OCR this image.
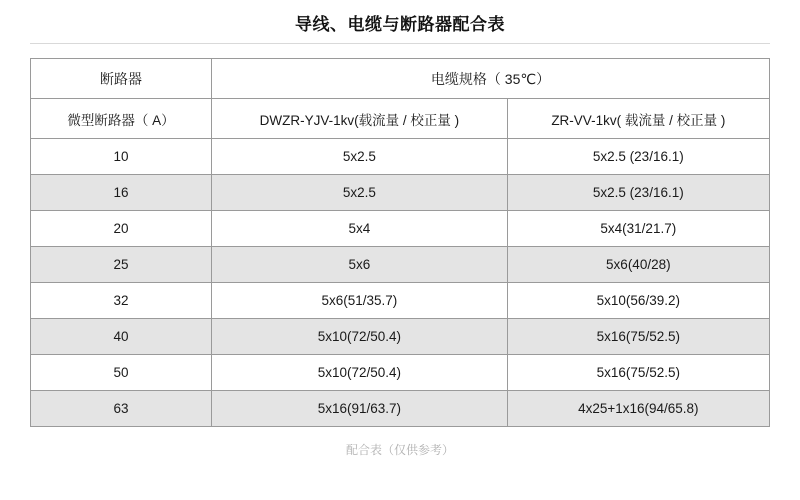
导线、电缆与断路器配合表
断路器	电缆规格（ 35℃）	
微型断路器（ A）	DWZR-YJV-1kv(载流量 / 校正量 )	ZR-VV-1kv( 载流量 / 校正量 )
10	5x2.5	5x2.5 (23/16.1)
16	5x2.5	5x2.5 (23/16.1)
20	5x4	5x4(31/21.7)
25	5x6	5x6(40/28)
32	5x6(51/35.7)	5x10(56/39.2)
40	5x10(72/50.4)	5x16(75/52.5)
50	5x10(72/50.4)	5x16(75/52.5)
63	5x16(91/63.7)	4x25+1x16(94/65.8)
配合表（仅供参考）
